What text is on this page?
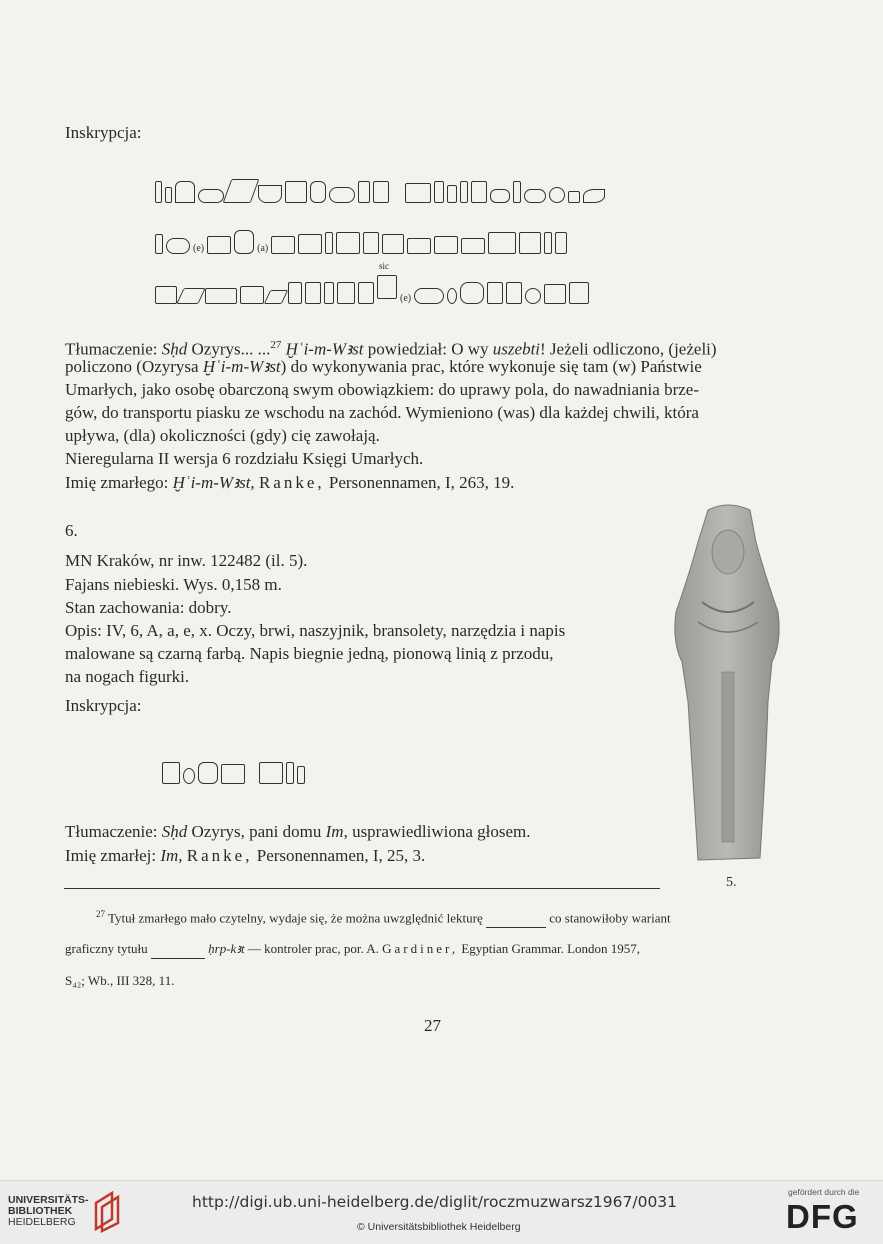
Inskrypcja:
(e)	(a)
sic
(e)
Tłumaczenie: Sḥd Ozyrys... ...$^{27}$ Ḫʿi-m-Wꜣst powiedział: O wy uszebti! Jeżeli odliczono, (jeżeli)
policzono (Ozyrysa Ḫʿi-m-Wꜣst) do wykonywania prac, które wykonuje się tam (w) Państwie
Umarłych, jako osobę obarczoną swym obowiązkiem: do uprawy pola, do nawadniania brze-
gów, do transportu piasku ze wschodu na zachód. Wymieniono (was) dla każdej chwili, która
upływa, (dla) okoliczności (gdy) cię zawołają.
Nieregularna II wersja 6 rozdziału Księgi Umarłych.
Imię zmarłego: Ḫʿi-m-Wꜣst, Ranke, Personennamen, I, 263, 19.
6.
MN Kraków, nr inw. 122482 (il. 5).
Fajans niebieski. Wys. 0,158 m.
Stan zachowania: dobry.
Opis: IV, 6, A, a, e, x. Oczy, brwi, naszyjnik, bransolety, narzędzia i napis
malowane są czarną farbą. Napis biegnie jedną, pionową linią z przodu,
na nogach figurki.
Inskrypcja:
Tłumaczenie: Sḥd Ozyrys, pani domu Im, usprawiedliwiona głosem.
Imię zmarłej: Im, Ranke, Personennamen, I, 25, 3.
5.
$^{27}$ Tytuł zmarłego mało czytelny, wydaje się, że można uwzględnić lekturę	co stanowiłoby wariant
graficzny tytułu	ḥrp-kꜣt — kontroler prac, por. A. Gardiner, Egyptian Grammar. London 1957,
S₄₂; Wb., III 328, 11.
27
UNIVERSITÄTS-
BIBLIOTHEK
HEIDELBERG
http://digi.ub.uni-heidelberg.de/diglit/roczmuzwarsz1967/0031
© Universitätsbibliothek Heidelberg
gefördert durch die
DFG
